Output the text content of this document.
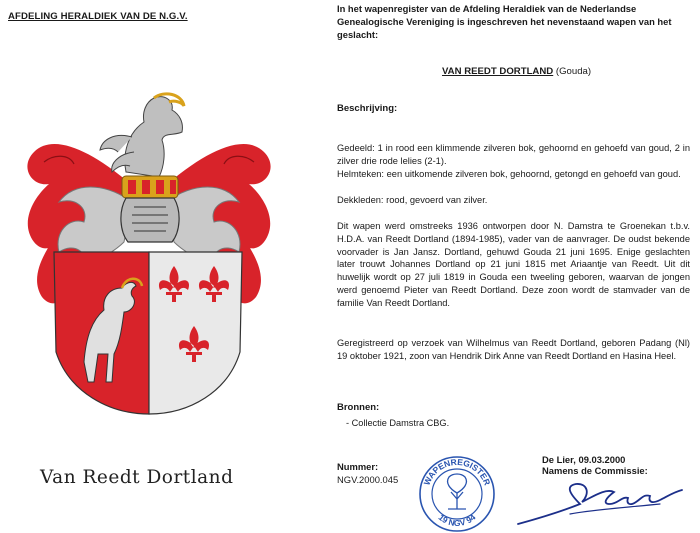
AFDELING HERALDIEK VAN DE N.G.V.
Van Reedt Dortland
In het wapenregister van de Afdeling Heraldiek van de Nederlandse Genealogische Vereniging is ingeschreven het nevenstaand wapen van het geslacht:
VAN REEDT DORTLAND (Gouda)
Beschrijving:
Gedeeld: 1 in rood een klimmende zilveren bok, gehoornd en gehoefd van goud, 2 in zilver drie rode lelies (2-1).
Helmteken: een uitkomende zilveren bok, gehoornd, getongd en gehoefd van goud.
Dekkleden: rood, gevoerd van zilver.
Dit wapen werd omstreeks 1936 ontworpen door N. Damstra te Groenekan t.b.v. H.D.A. van Reedt Dortland (1894-1985), vader van de aanvrager. De oudst bekende voorvader is Jan Jansz. Dortland, gehuwd Gouda 21 juni 1695. Enige geslachten later trouwt Johannes Dortland op 21 juni 1815 met Ariaantje van Reedt. Uit dit huwelijk wordt op 27 juli 1819 in Gouda een tweeling geboren, waarvan de jongen werd genoemd Pieter van Reedt Dortland. Deze zoon wordt de stamvader van de familie Van Reedt Dortland.
Geregistreerd op verzoek van Wilhelmus van Reedt Dortland, geboren Padang (Nl) 19 oktober 1921, zoon van Hendrik Dirk Anne van Reedt Dortland en Hasina Heel.
Bronnen:
- Collectie Damstra CBG.
Nummer:
NGV.2000.045	WAPENREGISTER
19 NGV 94
De Lier, 09.03.2000
Namens de Commissie:
